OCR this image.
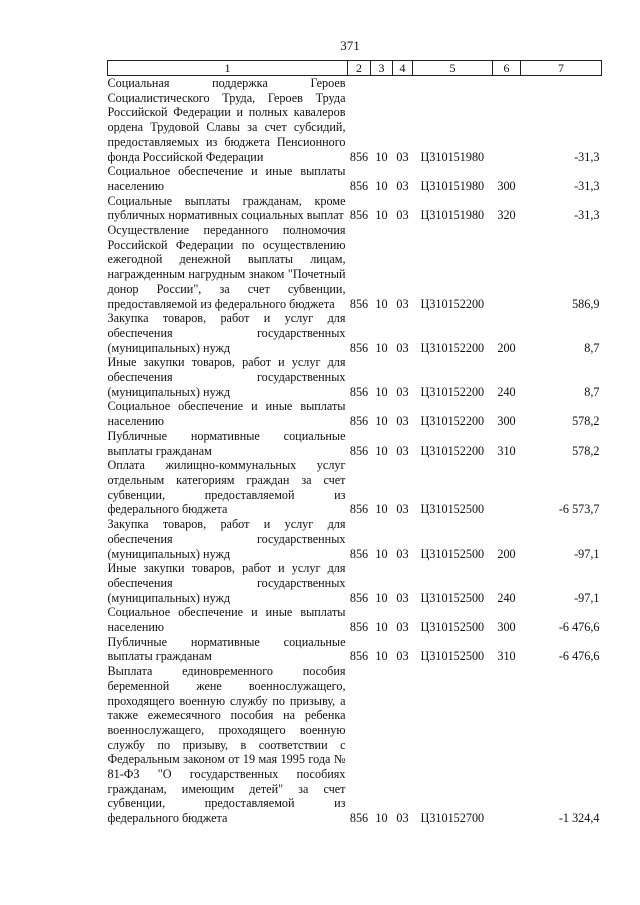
371
1	2	3	4	5	6	7
Социальная поддержка Героев Социалистического Труда, Героев Труда Российской Федерации и полных кавалеров ордена Трудовой Славы за счет субсидий, предоставляемых из бюджета Пенсионного фонда Российской Федерации	856	10	03	Ц310151980		-31,3
Социальное обеспечение и иные выплаты населению	856	10	03	Ц310151980	300	-31,3
Социальные выплаты гражданам, кроме публичных нормативных социальных выплат	856	10	03	Ц310151980	320	-31,3
Осуществление переданного полномочия Российской Федерации по осуществлению ежегодной денежной выплаты лицам, награжденным нагрудным знаком "Почетный донор России", за счет субвенции, предоставляемой из федерального бюджета	856	10	03	Ц310152200		586,9
Закупка товаров, работ и услуг для обеспечения государственных (муниципальных) нужд	856	10	03	Ц310152200	200	8,7
Иные закупки товаров, работ и услуг для обеспечения государственных (муниципальных) нужд	856	10	03	Ц310152200	240	8,7
Социальное обеспечение и иные выплаты населению	856	10	03	Ц310152200	300	578,2
Публичные нормативные социальные выплаты гражданам	856	10	03	Ц310152200	310	578,2
Оплата жилищно-коммунальных услуг отдельным категориям граждан за счет субвенции, предоставляемой из федерального бюджета	856	10	03	Ц310152500		-6 573,7
Закупка товаров, работ и услуг для обеспечения государственных (муниципальных) нужд	856	10	03	Ц310152500	200	-97,1
Иные закупки товаров, работ и услуг для обеспечения государственных (муниципальных) нужд	856	10	03	Ц310152500	240	-97,1
Социальное обеспечение и иные выплаты населению	856	10	03	Ц310152500	300	-6 476,6
Публичные нормативные социальные выплаты гражданам	856	10	03	Ц310152500	310	-6 476,6
Выплата единовременного пособия беременной жене военнослужащего, проходящего военную службу по призыву, а также ежемесячного пособия на ребенка военнослужащего, проходящего военную службу по призыву, в соответствии с Федеральным законом от 19 мая 1995 года № 81-ФЗ "О государственных пособиях гражданам, имеющим детей" за счет субвенции, предоставляемой из федерального бюджета	856	10	03	Ц310152700		-1 324,4
